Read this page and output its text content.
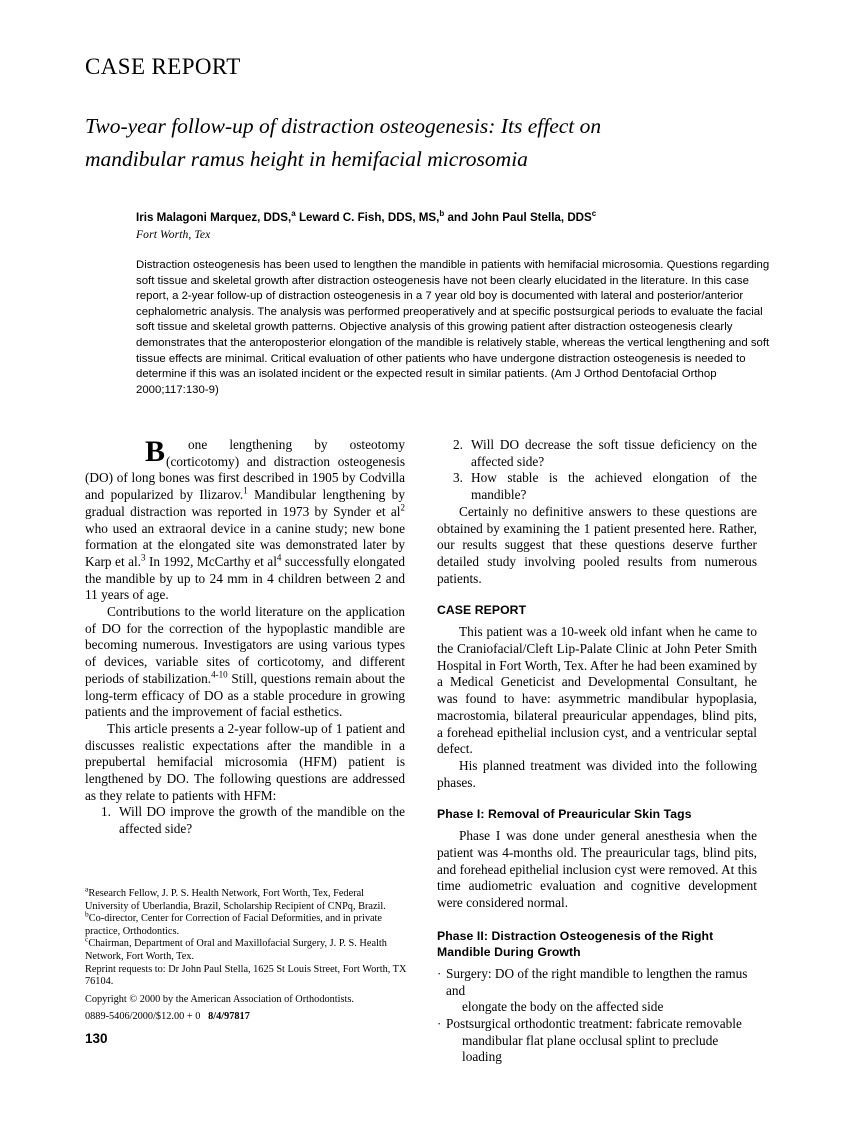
CASE REPORT
Two-year follow-up of distraction osteogenesis: Its effect on
mandibular ramus height in hemifacial microsomia
Iris Malagoni Marquez, DDS,$^a$ Leward C. Fish, DDS, MS,$^b$ and John Paul Stella, DDS$^c$
Fort Worth, Tex
Distraction osteogenesis has been used to lengthen the mandible in patients with hemifacial microsomia. Questions regarding soft tissue and skeletal growth after distraction osteogenesis have not been clearly elucidated in the literature. In this case report, a 2-year follow-up of distraction osteogenesis in a 7 year old boy is documented with lateral and posterior/anterior cephalometric analysis. The analysis was performed preoperatively and at specific postsurgical periods to evaluate the facial soft tissue and skeletal growth patterns. Objective analysis of this growing patient after distraction osteogenesis clearly demonstrates that the anteroposterior elongation of the mandible is relatively stable, whereas the vertical lengthening and soft tissue effects are minimal. Critical evaluation of other patients who have undergone distraction osteogenesis is needed to determine if this was an isolated incident or the expected result in similar patients. (Am J Orthod Dentofacial Orthop 2000;117:130-9)

B one lengthening by osteotomy (corticotomy) and distraction osteogenesis (DO) of long bones was first described in 1905 by Codvilla and popularized by Ilizarov.$^1$ Mandibular lengthening by gradual distraction was reported in 1973 by Synder et $al^2$ who used an extraoral device in a canine study; new bone formation at the elongated site was demonstrated later by Karp et al.$^3$ In 1992, McCarthy et $al^4$ successfully elongated the mandible by up to 24 mm in 4 children between 2 and 11 years of age.

Contributions to the world literature on the application of DO for the correction of the hypoplastic mandible are becoming numerous. Investigators are using various types of devices, variable sites of corticotomy, and different periods of stabilization.$^{4-10}$ Still, questions remain about the long-term efficacy of DO as a stable procedure in growing patients and the improvement of facial esthetics.

This article presents a 2-year follow-up of 1 patient and discusses realistic expectations after the mandible in a prepubertal hemifacial microsomia (HFM) patient is lengthened by DO. The following questions are addressed as they relate to patients with HFM:

1. Will DO improve the growth of the mandible on the affected side?
2. Will DO decrease the soft tissue deficiency on the affected side?
3. How stable is the achieved elongation of the mandible?

Certainly no definitive answers to these questions are obtained by examining the 1 patient presented here. Rather, our results suggest that these questions deserve further detailed study involving pooled results from numerous patients.

CASE REPORT

This patient was a 10-week old infant when he came to the Craniofacial/Cleft Lip-Palate Clinic at John Peter Smith Hospital in Fort Worth, Tex. After he had been examined by a Medical Geneticist and Developmental Consultant, he was found to have: asymmetric mandibular hypoplasia, macrostomia, bilateral preauricular appendages, blind pits, a forehead epithelial inclusion cyst, and a ventricular septal defect.

His planned treatment was divided into the following phases.

Phase I: Removal of Preauricular Skin Tags

Phase I was done under general anesthesia when the patient was 4-months old. The preauricular tags, blind pits, and forehead epithelial inclusion cyst were removed. At this time audiometric evaluation and cognitive development were considered normal.

Phase II: Distraction Osteogenesis of the Right
Mandible During Growth
· Surgery: DO of the right mandible to lengthen the ramus and
elongate the body on the affected side
· Postsurgical orthodontic treatment: fabricate removable
mandibular flat plane occlusal splint to preclude loading

$^a$Research Fellow, J. P. S. Health Network, Fort Worth, Tex, Federal University of Uberlandia, Brazil, Scholarship Recipient of CNPq, Brazil.

$^b$Co-director, Center for Correction of Facial Deformities, and in private practice, Orthodontics.

$^c$Chairman, Department of Oral and Maxillofacial Surgery, J. P. S. Health Network, Fort Worth, Tex.

Reprint requests to: Dr John Paul Stella, 1625 St Louis Street, Fort Worth, TX 76104.

Copyright © 2000 by the American Association of Orthodontists.

0889-5406/2000/$12.00 + 0 8/4/97817

130
